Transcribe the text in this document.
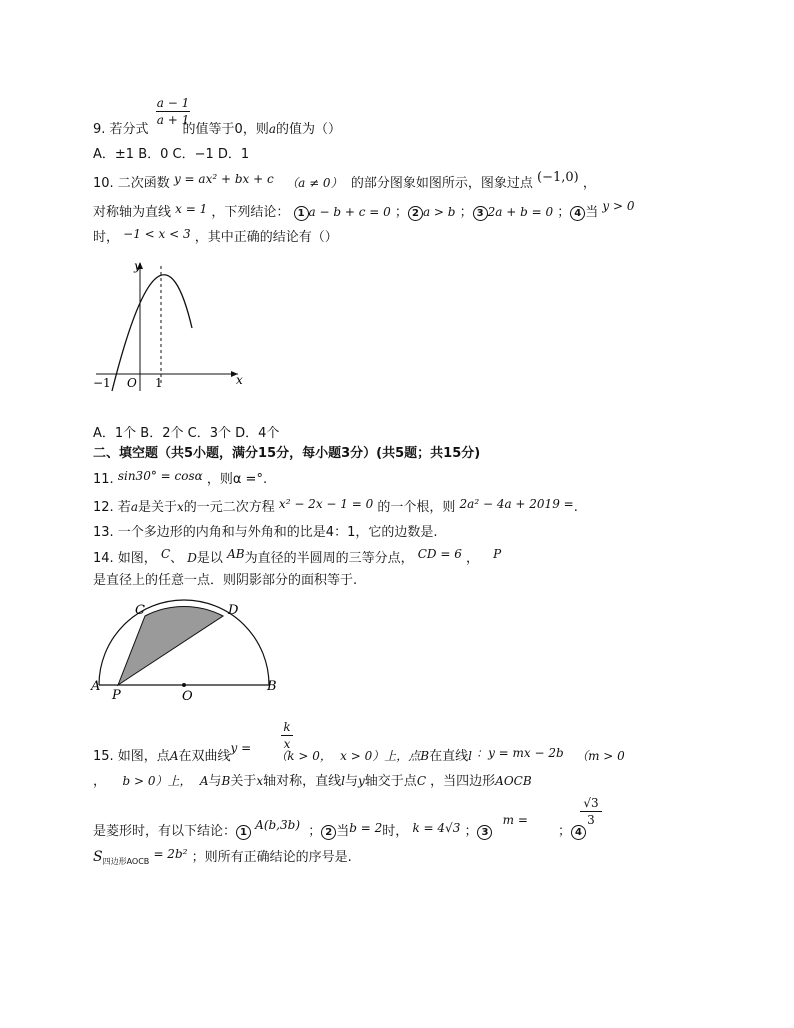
a − 1
a + 1
9. 若分式	的值等于0，则a的值为（）
A．±1 B．0 C．−1 D．1
10. 二次函数 y = ax² + bx + c （a ≠ 0） 的部分图象如图所示，图象过点 (−1,0) ，
对称轴为直线 x = 1 ，下列结论： 1 a − b + c = 0 ； 2 a > b ； 3 2a + b = 0 ； 4 当 y > 0
时， −1 < x < 3 ，其中正确的结论有（）
y
x
O
−1	1
A．1个 B．2个 C．3个 D．4个
二、填空题（共5小题，满分15分，每小题3分）(共5题；共15分)
11. sin30° = cosα ，则α =°.
12. 若a是关于x的一元二次方程 x² − 2x − 1 = 0 的一个根，则 2a² − 4a + 2019 =.
13. 一个多边形的内角和与外角和的比是4：1，它的边数是.
14. 如图， C、 D是以 AB为直径的半圆周的三等分点， CD = 6 ， P
是直径上的任意一点．则阴影部分的面积等于.
C	D
A	B
P	O
k
x
15. 如图，点A在双曲线y = （k > 0， x > 0）上，点B在直线l ：y = mx − 2b （m > 0
， b > 0）上， A与B关于x轴对称，直线l与y轴交于点C ，当四边形AOCB
√3
3
是菱形时，有以下结论： 1 A(b,3b) ； 2 当b = 2时， k = 4√3 ； 3 m = ； 4
$S_{四边形AOCB} = 2b^2$ ；则所有正确结论的序号是.
